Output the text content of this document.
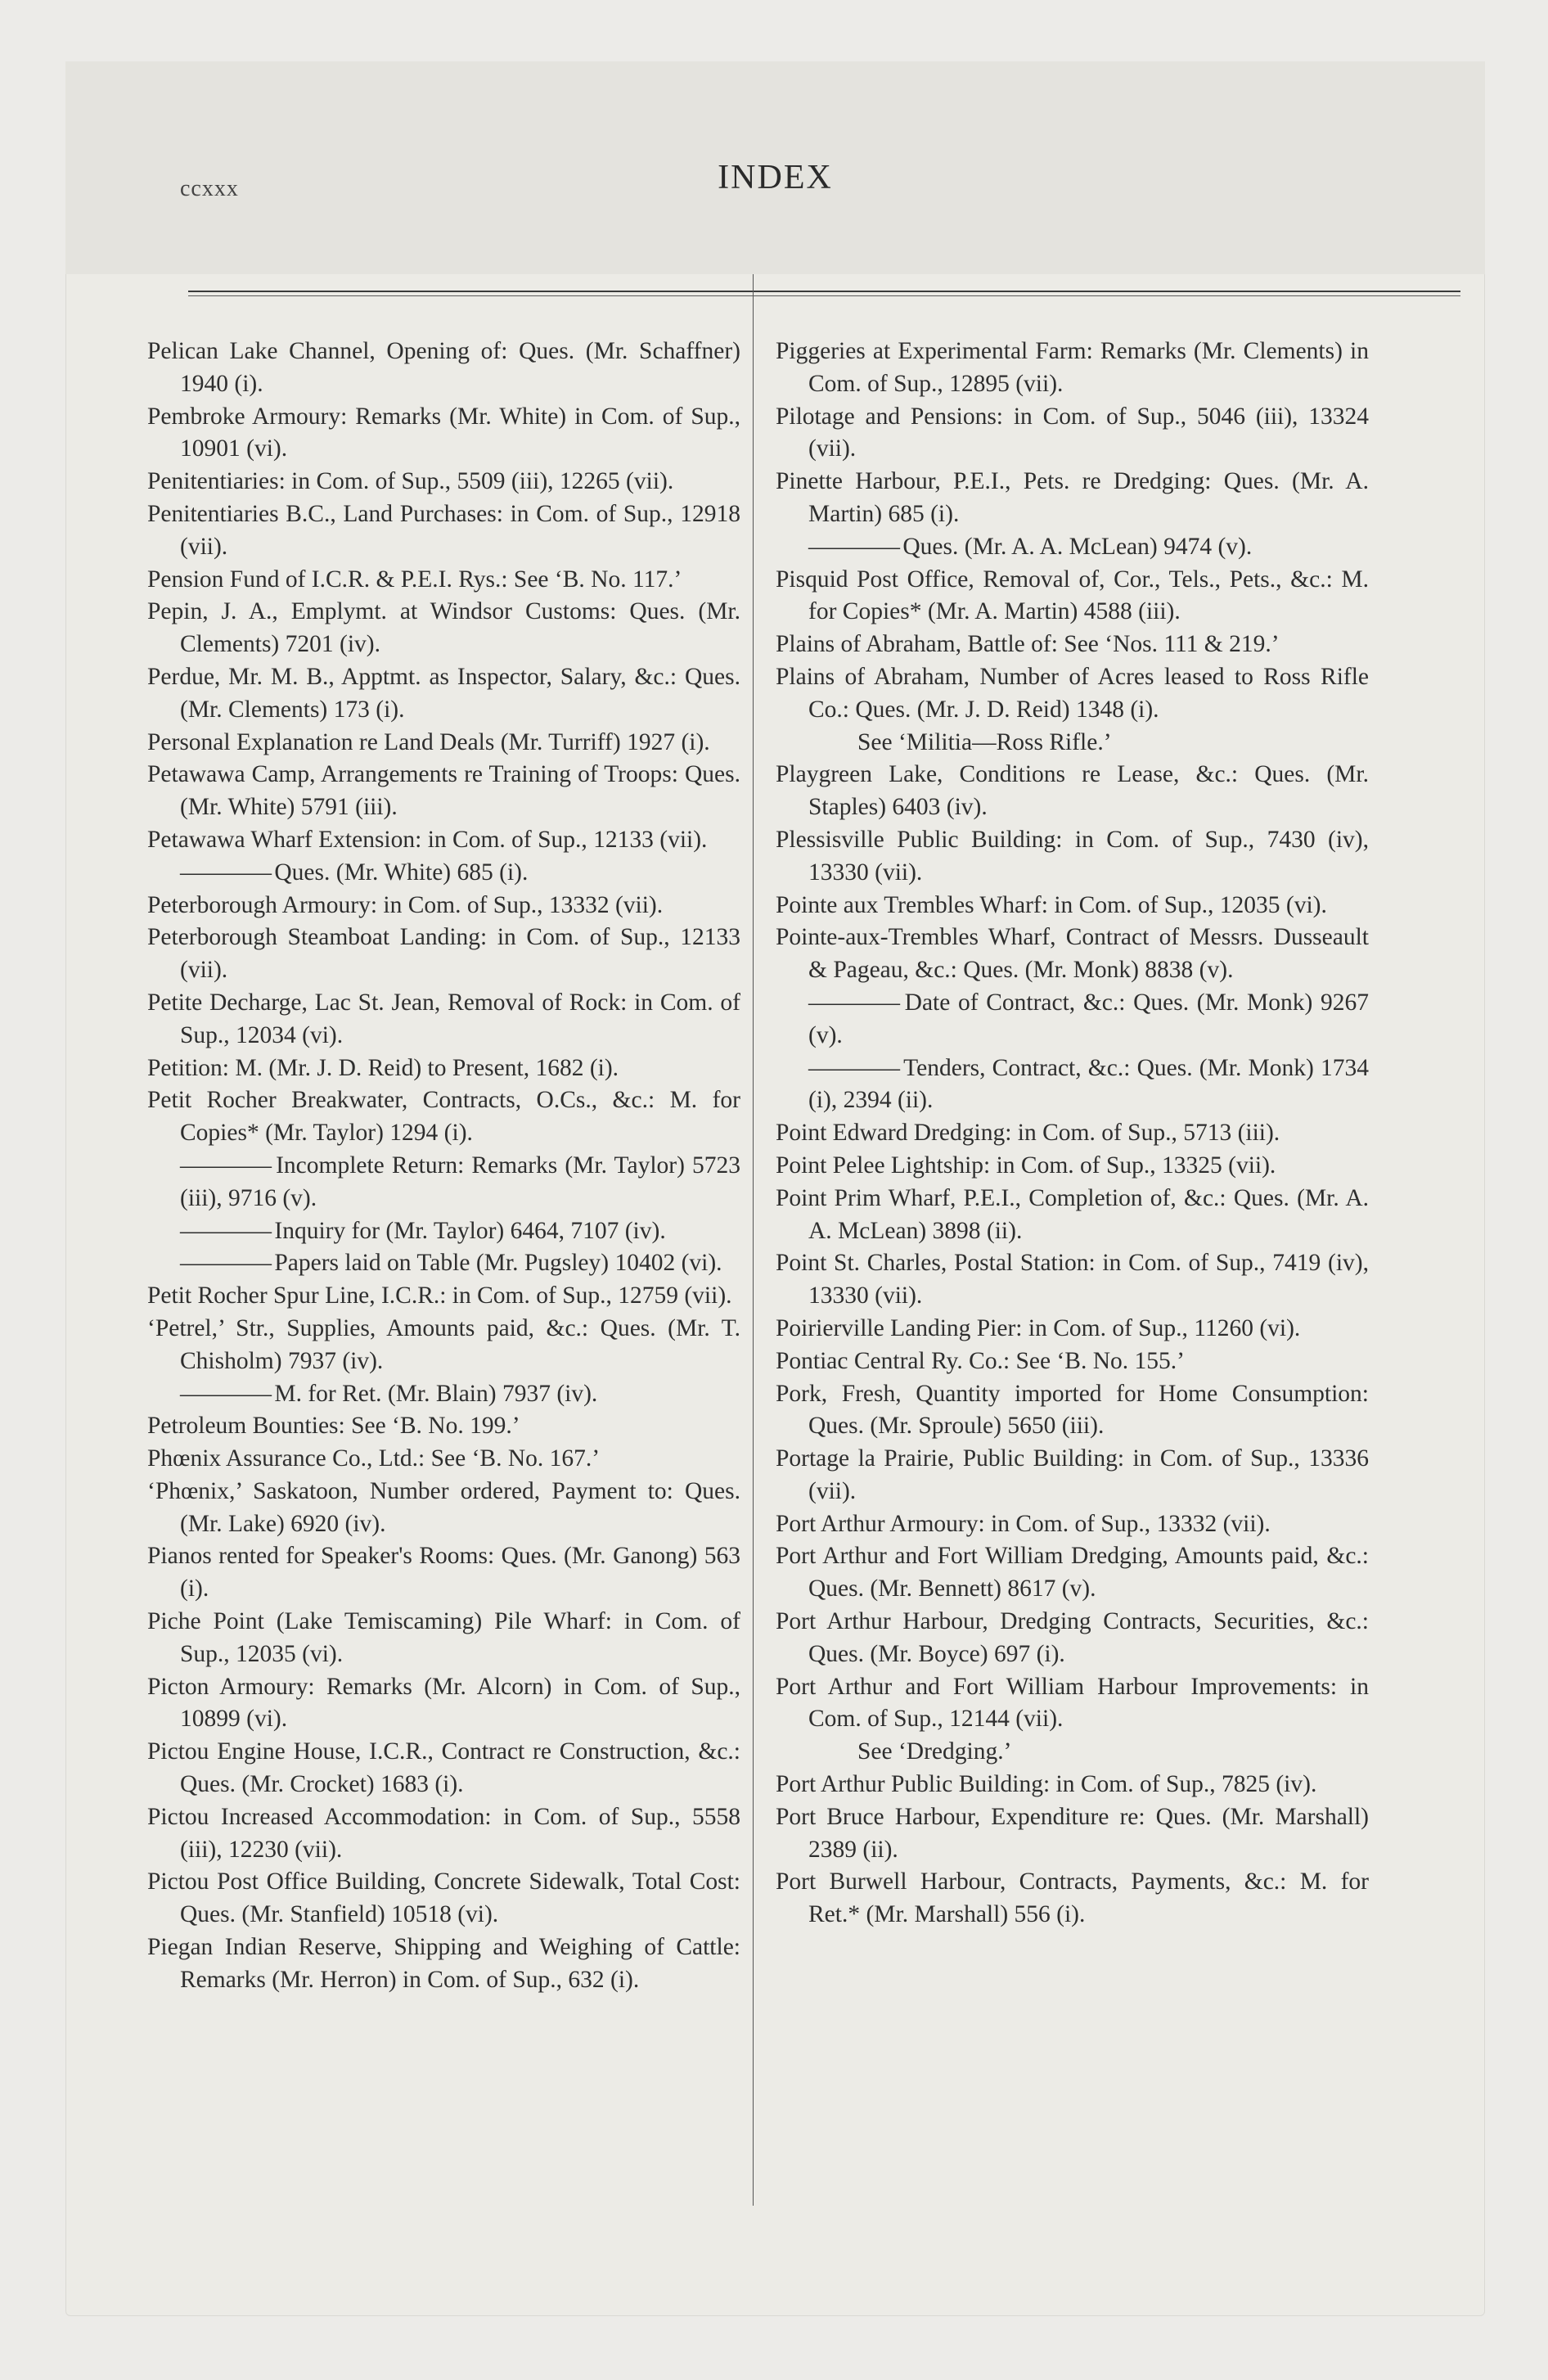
ccxxx	INDEX
Pelican Lake Channel, Opening of: Ques. (Mr. Schaffner) 1940 (i).
Pembroke Armoury: Remarks (Mr. White) in Com. of Sup., 10901 (vi).
Penitentiaries: in Com. of Sup., 5509 (iii), 12265 (vii).
Penitentiaries B.C., Land Purchases: in Com. of Sup., 12918 (vii).
Pension Fund of I.C.R. & P.E.I. Rys.: See ‘B. No. 117.’
Pepin, J. A., Emplymt. at Windsor Customs: Ques. (Mr. Clements) 7201 (iv).
Perdue, Mr. M. B., Apptmt. as Inspector, Salary, &c.: Ques. (Mr. Clements) 173 (i).
Personal Explanation re Land Deals (Mr. Turriff) 1927 (i).
Petawawa Camp, Arrangements re Training of Troops: Ques. (Mr. White) 5791 (iii).
Petawawa Wharf Extension: in Com. of Sup., 12133 (vii).
———— Ques. (Mr. White) 685 (i).
Peterborough Armoury: in Com. of Sup., 13332 (vii).
Peterborough Steamboat Landing: in Com. of Sup., 12133 (vii).
Petite Decharge, Lac St. Jean, Removal of Rock: in Com. of Sup., 12034 (vi).
Petition: M. (Mr. J. D. Reid) to Present, 1682 (i).
Petit Rocher Breakwater, Contracts, O.Cs., &c.: M. for Copies* (Mr. Taylor) 1294 (i).
———— Incomplete Return: Remarks (Mr. Taylor) 5723 (iii), 9716 (v).
———— Inquiry for (Mr. Taylor) 6464, 7107 (iv).
———— Papers laid on Table (Mr. Pugsley) 10402 (vi).
Petit Rocher Spur Line, I.C.R.: in Com. of Sup., 12759 (vii).
‘Petrel,’ Str., Supplies, Amounts paid, &c.: Ques. (Mr. T. Chisholm) 7937 (iv).
———— M. for Ret. (Mr. Blain) 7937 (iv).
Petroleum Bounties: See ‘B. No. 199.’
Phœnix Assurance Co., Ltd.: See ‘B. No. 167.’
‘Phœnix,’ Saskatoon, Number ordered, Payment to: Ques. (Mr. Lake) 6920 (iv).
Pianos rented for Speaker's Rooms: Ques. (Mr. Ganong) 563 (i).
Piche Point (Lake Temiscaming) Pile Wharf: in Com. of Sup., 12035 (vi).
Picton Armoury: Remarks (Mr. Alcorn) in Com. of Sup., 10899 (vi).
Pictou Engine House, I.C.R., Contract re Construction, &c.: Ques. (Mr. Crocket) 1683 (i).
Pictou Increased Accommodation: in Com. of Sup., 5558 (iii), 12230 (vii).
Pictou Post Office Building, Concrete Sidewalk, Total Cost: Ques. (Mr. Stanfield) 10518 (vi).
Piegan Indian Reserve, Shipping and Weighing of Cattle: Remarks (Mr. Herron) in Com. of Sup., 632 (i).
Piggeries at Experimental Farm: Remarks (Mr. Clements) in Com. of Sup., 12895 (vii).
Pilotage and Pensions: in Com. of Sup., 5046 (iii), 13324 (vii).
Pinette Harbour, P.E.I., Pets. re Dredging: Ques. (Mr. A. Martin) 685 (i).
———— Ques. (Mr. A. A. McLean) 9474 (v).
Pisquid Post Office, Removal of, Cor., Tels., Pets., &c.: M. for Copies* (Mr. A. Martin) 4588 (iii).
Plains of Abraham, Battle of: See ‘Nos. 111 & 219.’
Plains of Abraham, Number of Acres leased to Ross Rifle Co.: Ques. (Mr. J. D. Reid) 1348 (i).
See ‘Militia—Ross Rifle.’
Playgreen Lake, Conditions re Lease, &c.: Ques. (Mr. Staples) 6403 (iv).
Plessisville Public Building: in Com. of Sup., 7430 (iv), 13330 (vii).
Pointe aux Trembles Wharf: in Com. of Sup., 12035 (vi).
Pointe-aux-Trembles Wharf, Contract of Messrs. Dusseault & Pageau, &c.: Ques. (Mr. Monk) 8838 (v).
———— Date of Contract, &c.: Ques. (Mr. Monk) 9267 (v).
———— Tenders, Contract, &c.: Ques. (Mr. Monk) 1734 (i), 2394 (ii).
Point Edward Dredging: in Com. of Sup., 5713 (iii).
Point Pelee Lightship: in Com. of Sup., 13325 (vii).
Point Prim Wharf, P.E.I., Completion of, &c.: Ques. (Mr. A. A. McLean) 3898 (ii).
Point St. Charles, Postal Station: in Com. of Sup., 7419 (iv), 13330 (vii).
Poirierville Landing Pier: in Com. of Sup., 11260 (vi).
Pontiac Central Ry. Co.: See ‘B. No. 155.’
Pork, Fresh, Quantity imported for Home Consumption: Ques. (Mr. Sproule) 5650 (iii).
Portage la Prairie, Public Building: in Com. of Sup., 13336 (vii).
Port Arthur Armoury: in Com. of Sup., 13332 (vii).
Port Arthur and Fort William Dredging, Amounts paid, &c.: Ques. (Mr. Bennett) 8617 (v).
Port Arthur Harbour, Dredging Contracts, Securities, &c.: Ques. (Mr. Boyce) 697 (i).
Port Arthur and Fort William Harbour Improvements: in Com. of Sup., 12144 (vii).
See ‘Dredging.’
Port Arthur Public Building: in Com. of Sup., 7825 (iv).
Port Bruce Harbour, Expenditure re: Ques. (Mr. Marshall) 2389 (ii).
Port Burwell Harbour, Contracts, Payments, &c.: M. for Ret.* (Mr. Marshall) 556 (i).
